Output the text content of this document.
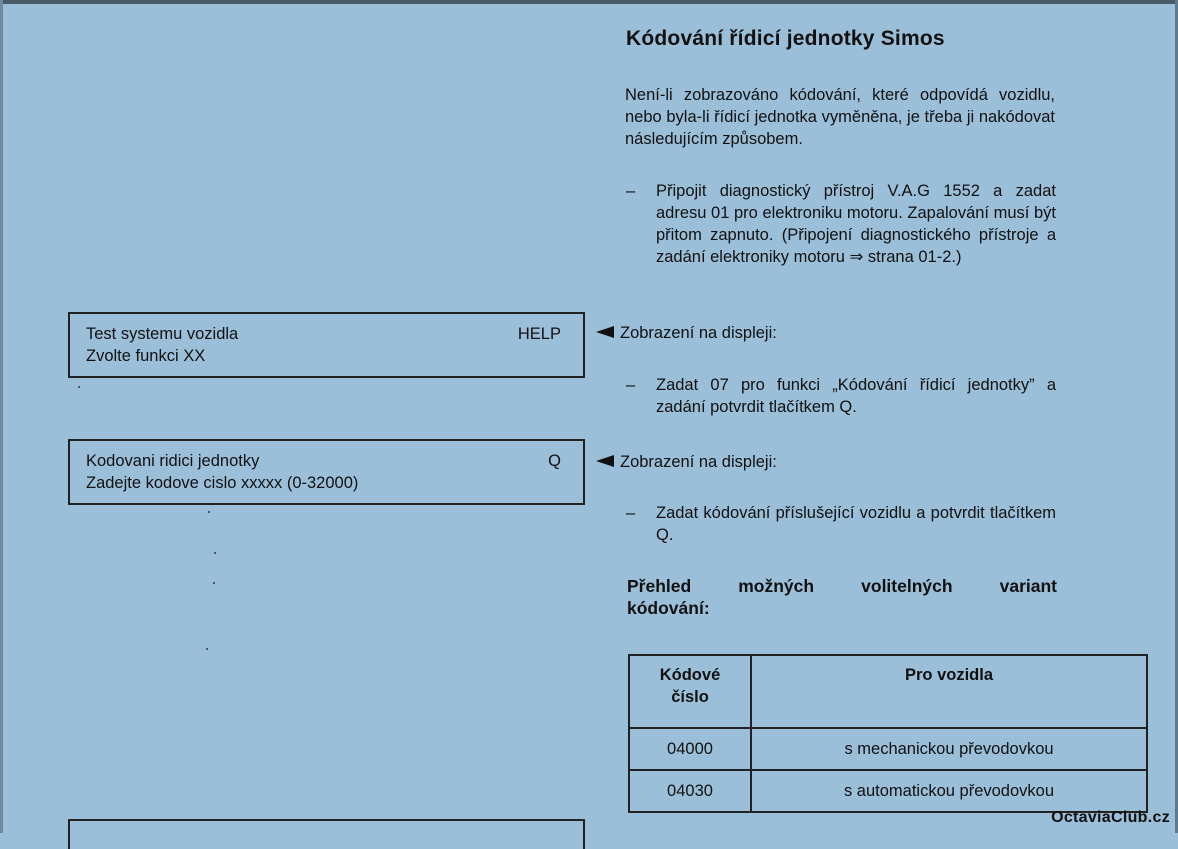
Kódování řídicí jednotky Simos
Není-li zobrazováno kódování, které odpovídá vozidlu, nebo byla-li řídicí jednotka vyměněna, je třeba ji nakódovat následujícím způsobem.
– Připojit diagnostický přístroj V.A.G 1552 a zadat adresu 01 pro elektroniku motoru. Zapalování musí být přitom zapnuto. (Připojení diagnostického přístroje a zadání elektroniky motoru ⇒ strana 01-2.)
Test systemu vozidla
Zvolte funkci XX
HELP	Zobrazení na displeji:
– Zadat 07 pro funkci „Kódování řídicí jednotky” a zadání potvrdit tlačítkem Q.
Kodovani ridici jednotky
Zadejte kodove cislo xxxxx (0-32000)
Q	Zobrazení na displeji:
– Zadat kódování příslušející vozidlu a potvrdit tlačítkem Q.
Přehled možných volitelných variant
kódování:
Kódové
číslo	Pro vozidla
04000	s mechanickou převodovkou
04030	s automatickou převodovkou
OctaviaClub.cz
